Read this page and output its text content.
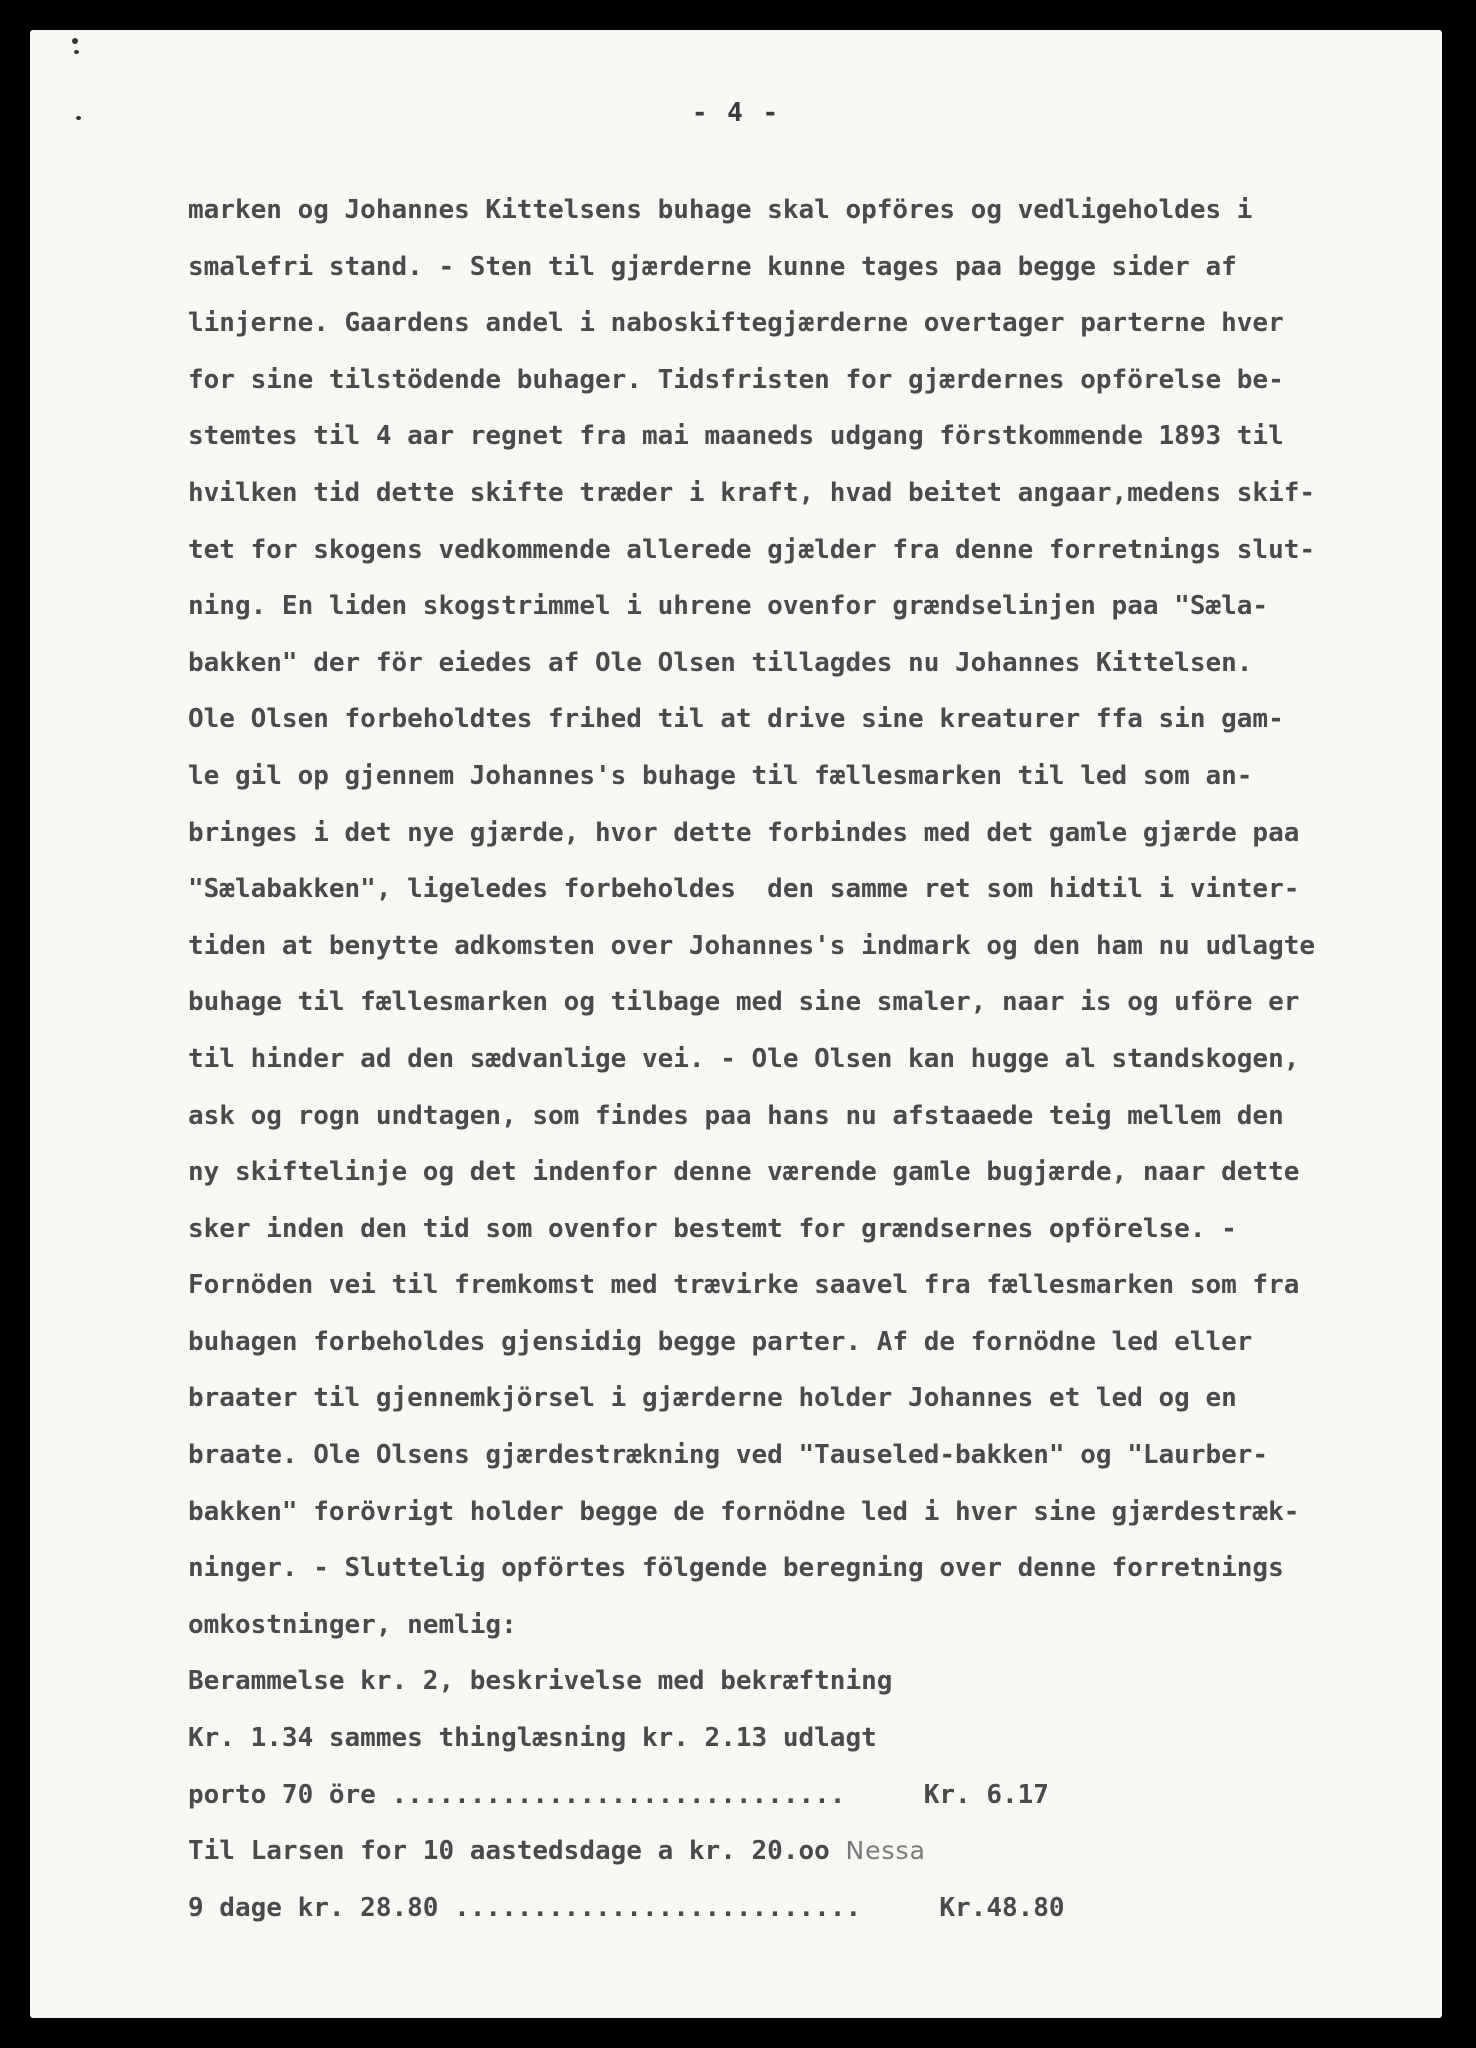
- 4 -
marken og Johannes Kittelsens buhage skal opföres og vedligeholdes i
smalefri stand. - Sten til gjærderne kunne tages paa begge sider af
linjerne. Gaardens andel i naboskiftegjærderne overtager parterne hver
for sine tilstödende buhager. Tidsfristen for gjærdernes opförelse be-
stemtes til 4 aar regnet fra mai maaneds udgang förstkommende 1893 til
hvilken tid dette skifte træder i kraft, hvad beitet angaar,medens skif-
tet for skogens vedkommende allerede gjælder fra denne forretnings slut-
ning. En liden skogstrimmel i uhrene ovenfor grændselinjen paa "Sæla-
bakken" der för eiedes af Ole Olsen tillagdes nu Johannes Kittelsen.
Ole Olsen forbeholdtes frihed til at drive sine kreaturer ffa sin gam-
le gil op gjennem Johannes's buhage til fællesmarken til led som an-
bringes i det nye gjærde, hvor dette forbindes med det gamle gjærde paa
"Sælabakken", ligeledes forbeholdes  den samme ret som hidtil i vinter-
tiden at benytte adkomsten over Johannes's indmark og den ham nu udlagte
buhage til fællesmarken og tilbage med sine smaler, naar is og uföre er
til hinder ad den sædvanlige vei. - Ole Olsen kan hugge al standskogen,
ask og rogn undtagen, som findes paa hans nu afstaaede teig mellem den
ny skiftelinje og det indenfor denne værende gamle bugjærde, naar dette
sker inden den tid som ovenfor bestemt for grændsernes opförelse. -
Fornöden vei til fremkomst med trævirke saavel fra fællesmarken som fra
buhagen forbeholdes gjensidig begge parter. Af de fornödne led eller
braater til gjennemkjörsel i gjærderne holder Johannes et led og en
braate. Ole Olsens gjærdestrækning ved "Tauseled-bakken" og "Laurber-
bakken" forövrigt holder begge de fornödne led i hver sine gjærdestræk-
ninger. - Sluttelig opförtes fölgende beregning over denne forretnings
omkostninger, nemlig:
Berammelse kr. 2, beskrivelse med bekræftning
Kr. 1.34 sammes thinglæsning kr. 2.13 udlagt
porto 70 öre .............................     Kr. 6.17
Til Larsen for 10 aastedsdage a kr. 20.oo Nessa
9 dage kr. 28.80 ..........................     Kr.48.80
